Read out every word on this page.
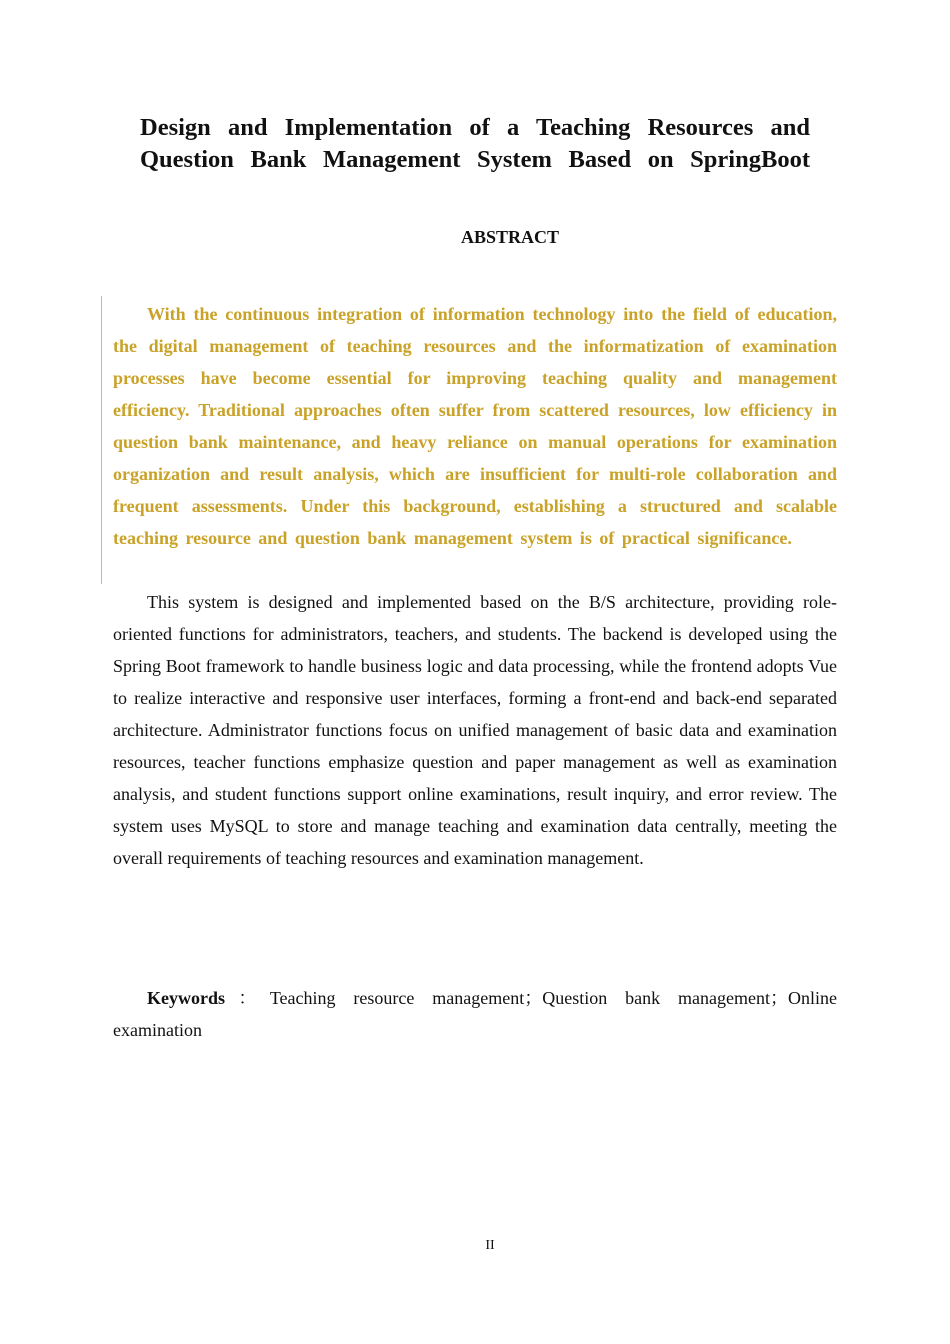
Design and Implementation of a Teaching Resources and
Question Bank Management System Based on SpringBoot
ABSTRACT

With the continuous integration of information technology into the field of education, the digital management of teaching resources and the informatization of examination processes have become essential for improving teaching quality and management efficiency. Traditional approaches often suffer from scattered resources, low efficiency in question bank maintenance, and heavy reliance on manual operations for examination organization and result analysis, which are insufficient for multi-role collaboration and frequent assessments. Under this background, establishing a structured and scalable teaching resource and question bank management system is of practical significance.

This system is designed and implemented based on the B/S architecture, providing role-oriented functions for administrators, teachers, and students. The backend is developed using the Spring Boot framework to handle business logic and data processing, while the frontend adopts Vue to realize interactive and responsive user interfaces, forming a front-end and back-end separated architecture. Administrator functions focus on unified management of basic data and examination resources, teacher functions emphasize question and paper management as well as examination analysis, and student functions support online examinations, result inquiry, and error review. The system uses MySQL to store and manage teaching and examination data centrally, meeting the overall requirements of teaching resources and examination management.

Keywords：Teaching resource management；Question bank management；Online examination

II
